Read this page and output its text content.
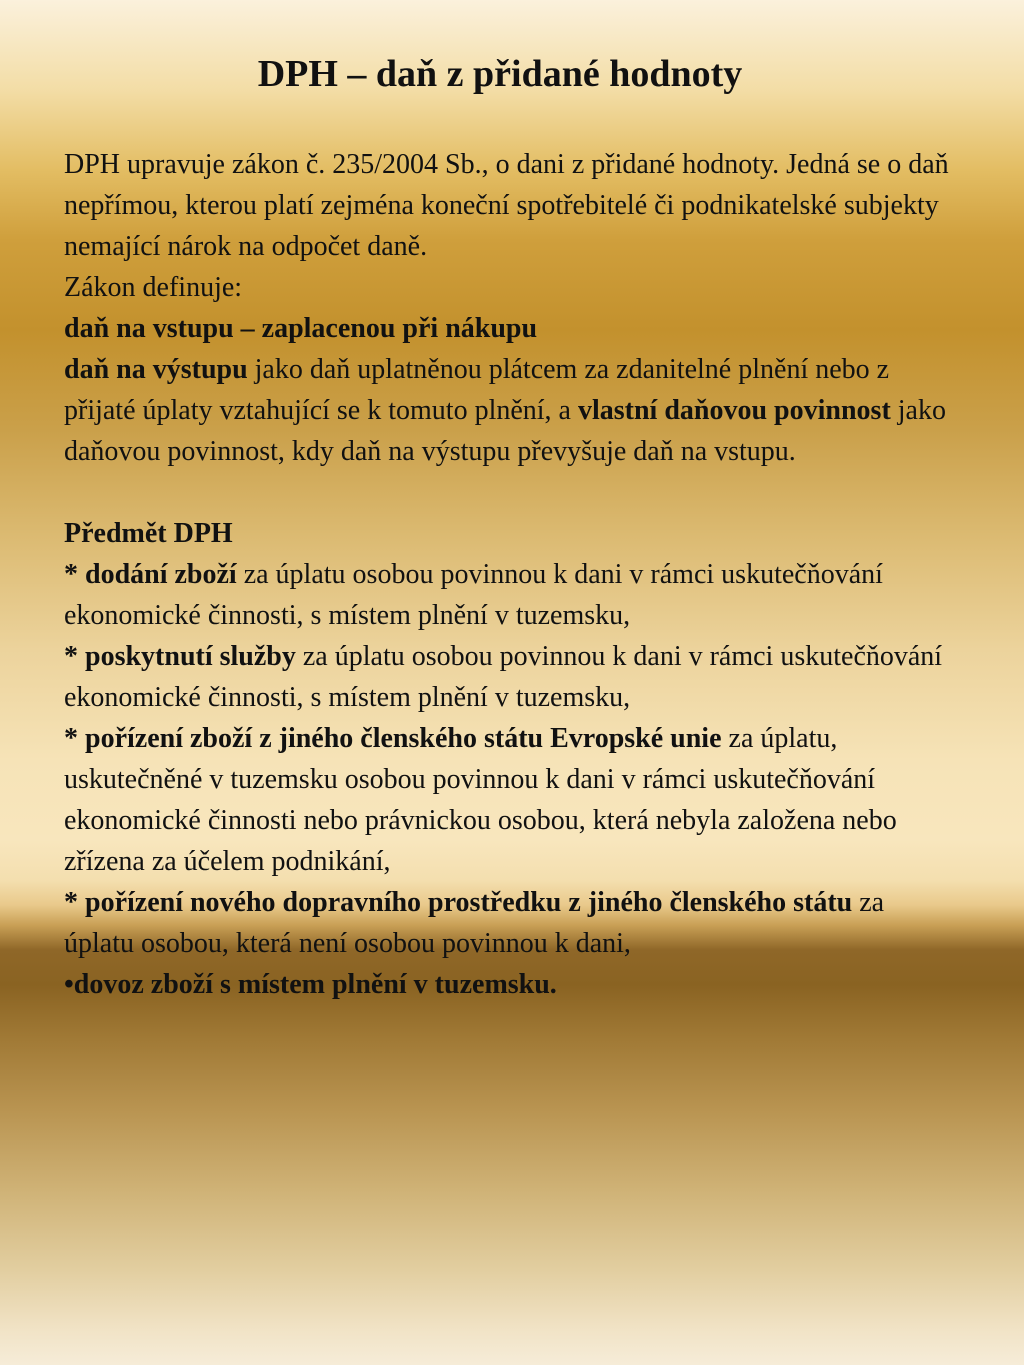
DPH – daň z přidané hodnoty

DPH upravuje zákon č. 235/2004 Sb., o dani z přidané hodnoty. Jedná se o daň nepřímou, kterou platí zejména koneční spotřebitelé či podnikatelské subjekty nemající nárok na odpočet daně.

Zákon definuje:

daň na vstupu – zaplacenou při nákupu

daň na výstupu jako daň uplatněnou plátcem za zdanitelné plnění nebo z přijaté úplaty vztahující se k tomuto plnění, a vlastní daňovou povinnost jako daňovou povinnost, kdy daň na výstupu převyšuje daň na vstupu.

Předmět DPH

* dodání zboží za úplatu osobou povinnou k dani v rámci uskutečňování ekonomické činnosti, s místem plnění v tuzemsku,

* poskytnutí služby za úplatu osobou povinnou k dani v rámci uskutečňování ekonomické činnosti, s místem plnění v tuzemsku,

* pořízení zboží z jiného členského státu Evropské unie za úplatu, uskutečněné v tuzemsku osobou povinnou k dani v rámci uskutečňování ekonomické činnosti nebo právnickou osobou, která nebyla založena nebo zřízena za účelem podnikání,

* pořízení nového dopravního prostředku z jiného členského státu za úplatu osobou, která není osobou povinnou k dani,

•dovoz zboží s místem plnění v tuzemsku.
